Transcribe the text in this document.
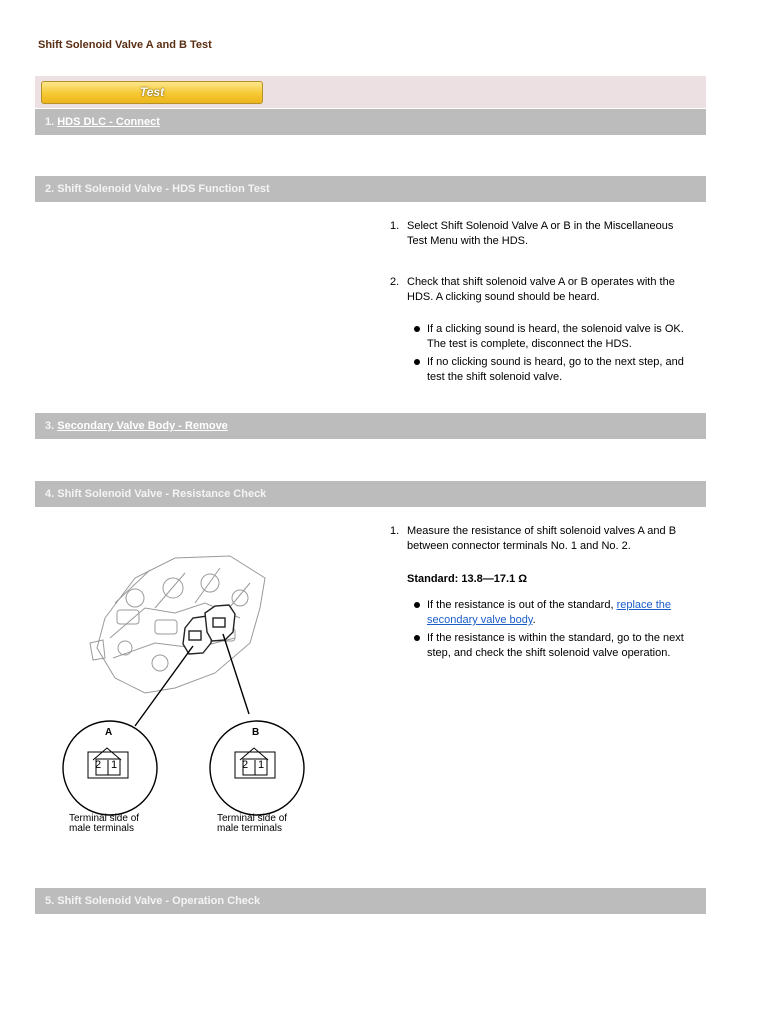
Shift Solenoid Valve A and B Test
Test
1. HDS DLC - Connect
2. Shift Solenoid Valve - HDS Function Test
1. Select Shift Solenoid Valve A or B in the Miscellaneous Test Menu with the HDS.
2. Check that shift solenoid valve A or B operates with the HDS. A clicking sound should be heard.
If a clicking sound is heard, the solenoid valve is OK. The test is complete, disconnect the HDS.
If no clicking sound is heard, go to the next step, and test the shift solenoid valve.
3. Secondary Valve Body - Remove
4. Shift Solenoid Valve - Resistance Check
1. Measure the resistance of shift solenoid valves A and B between connector terminals No. 1 and No. 2.
Standard: 13.8—17.1 Ω
If the resistance is out of the standard, replace the secondary valve body.
If the resistance is within the standard, go to the next step, and check the shift solenoid valve operation.
A	B
2 1	2 1
Terminal side of
male terminals
Terminal side of
male terminals
5. Shift Solenoid Valve - Operation Check
